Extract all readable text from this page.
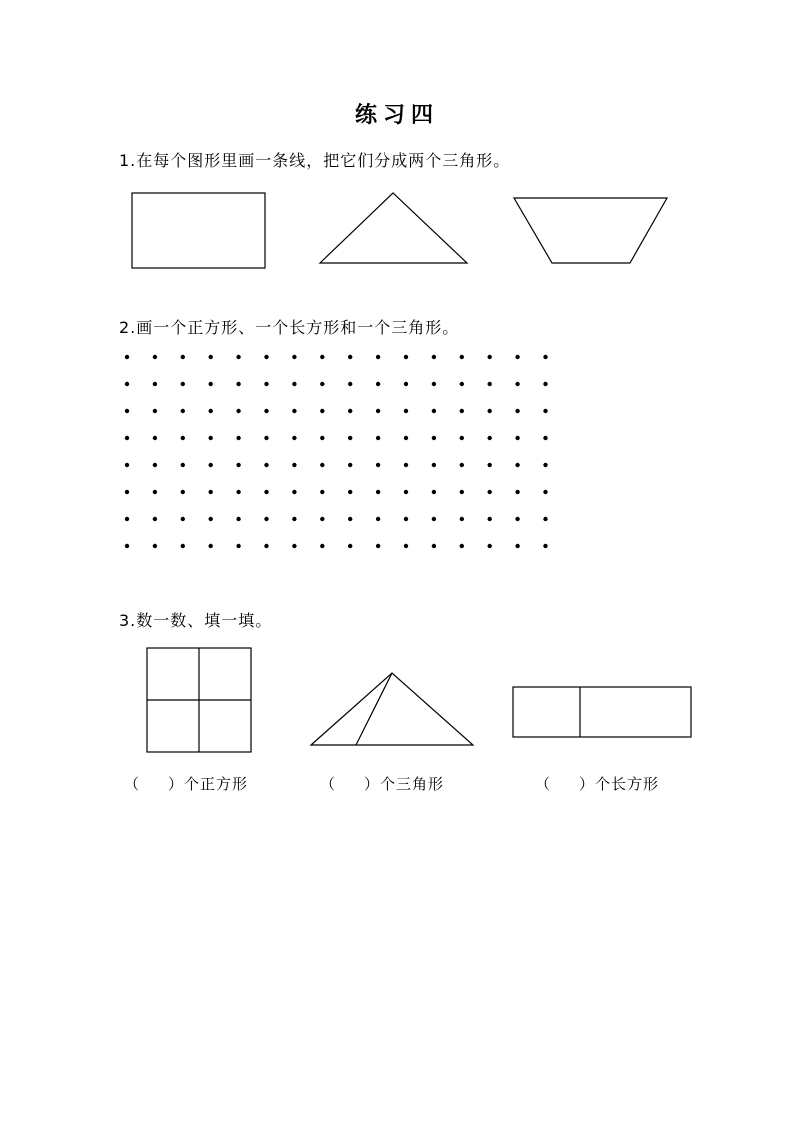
练习四
1.在每个图形里画一条线，把它们分成两个三角形。
2.画一个正方形、一个长方形和一个三角形。
3.数一数、填一填。
（ ）个正方形	（ ）个三角形	（ ）个长方形
